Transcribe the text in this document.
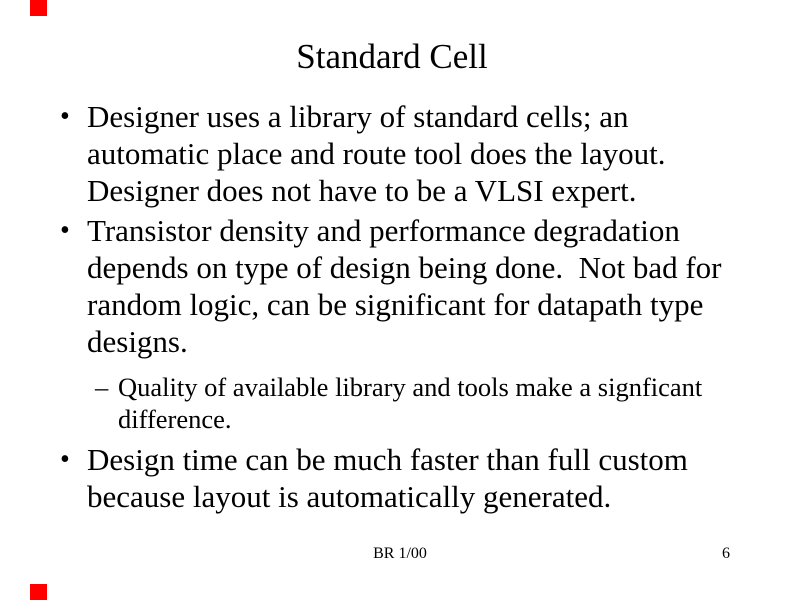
Standard Cell
• Designer uses a library of standard cells; an
automatic place and route tool does the layout.
Designer does not have to be a VLSI expert.
• Transistor density and performance degradation
depends on type of design being done.  Not bad for
random logic, can be significant for datapath type
designs.
– Quality of available library and tools make a signficant
difference.
• Design time can be much faster than full custom
because layout is automatically generated.
BR 1/00	6
